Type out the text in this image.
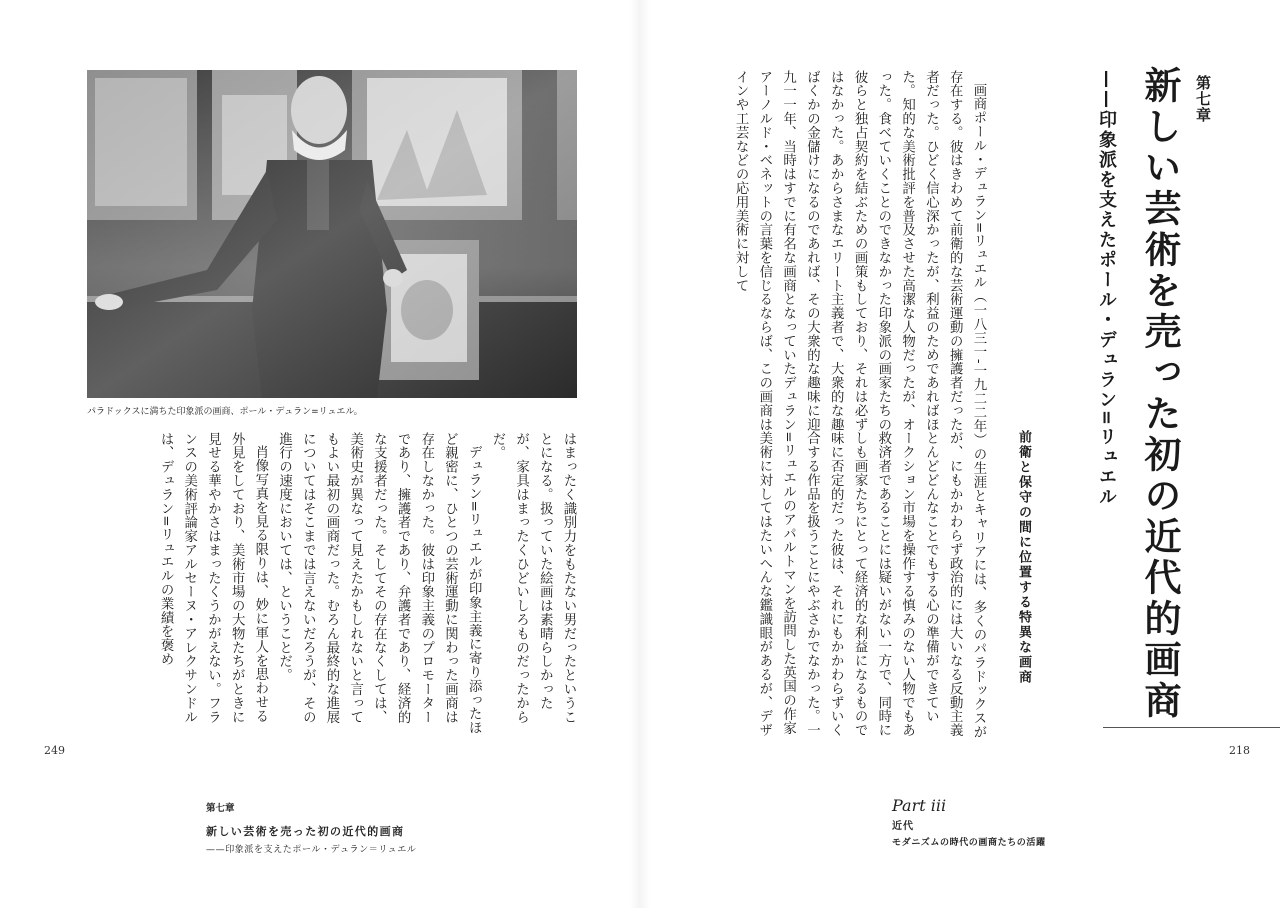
パラドックスに満ちた印象派の画商、ポール・デュラン=リュエル。

はまったく識別力をもたない男だったということになる。扱っていた絵画は素晴らしかったが、家具はまったくひどいしろものだったからだ。

デュラン=リュエルが印象主義に寄り添ったほど親密に、ひとつの芸術運動に関わった画商は存在しなかった。彼は印象主義のプロモーターであり、擁護者であり、弁護者であり、経済的な支援者だった。そしてその存在なくしては、美術史が異なって見えたかもしれないと言ってもよい最初の画商だった。むろん最終的な進展についてはそこまでは言えないだろうが、その進行の速度においては、ということだ。

肖像写真を見る限りは、妙に軍人を思わせる外見をしており、美術市場の大物たちがときに見せる華やかさはまったくうかがえない。フランスの美術評論家アルセーヌ・アレクサンドルは、デュラン=リュエルの業績を褒め

249
第七章
新しい芸術を売った初の近代的画商
——印象派を支えたポール・デュラン＝リュエル

画商ポール・デュラン=リュエル（一八三一‐一九二二年）の生涯とキャリアには、多くのパラドックスが存在する。彼はきわめて前衛的な芸術運動の擁護者だったが、にもかかわらず政治的には大いなる反動主義者だった。ひどく信心深かったが、利益のためであればほとんどどんなことでもする心の準備ができていた。知的な美術批評を普及させた高潔な人物だったが、オークション市場を操作する慎みのない人物でもあった。食べていくことのできなかった印象派の画家たちの救済者であることには疑いがない一方で、同時に彼らと独占契約を結ぶための画策もしており、それは必ずしも画家たちにとって経済的な利益になるものではなかった。あからさまなエリート主義者で、大衆的な趣味に否定的だった彼は、それにもかかわらずいくばくかの金儲けになるのであれば、その大衆的な趣味に迎合する作品を扱うことにやぶさかでなかった。一九一一年、当時はすでに有名な画商となっていたデュラン=リュエルのアパルトマンを訪問した英国の作家アーノルド・ベネットの言葉を信じるならば、この画商は美術に対してはたいへんな鑑識眼があるが、デザインや工芸などの応用美術に対して

前衛と保守の間に位置する特異な画商
第七章
新しい芸術を売った初の近代的画商
——印象派を支えたポール・デュラン=リュエル
218
Part iii
近代
モダニズムの時代の画商たちの活躍
